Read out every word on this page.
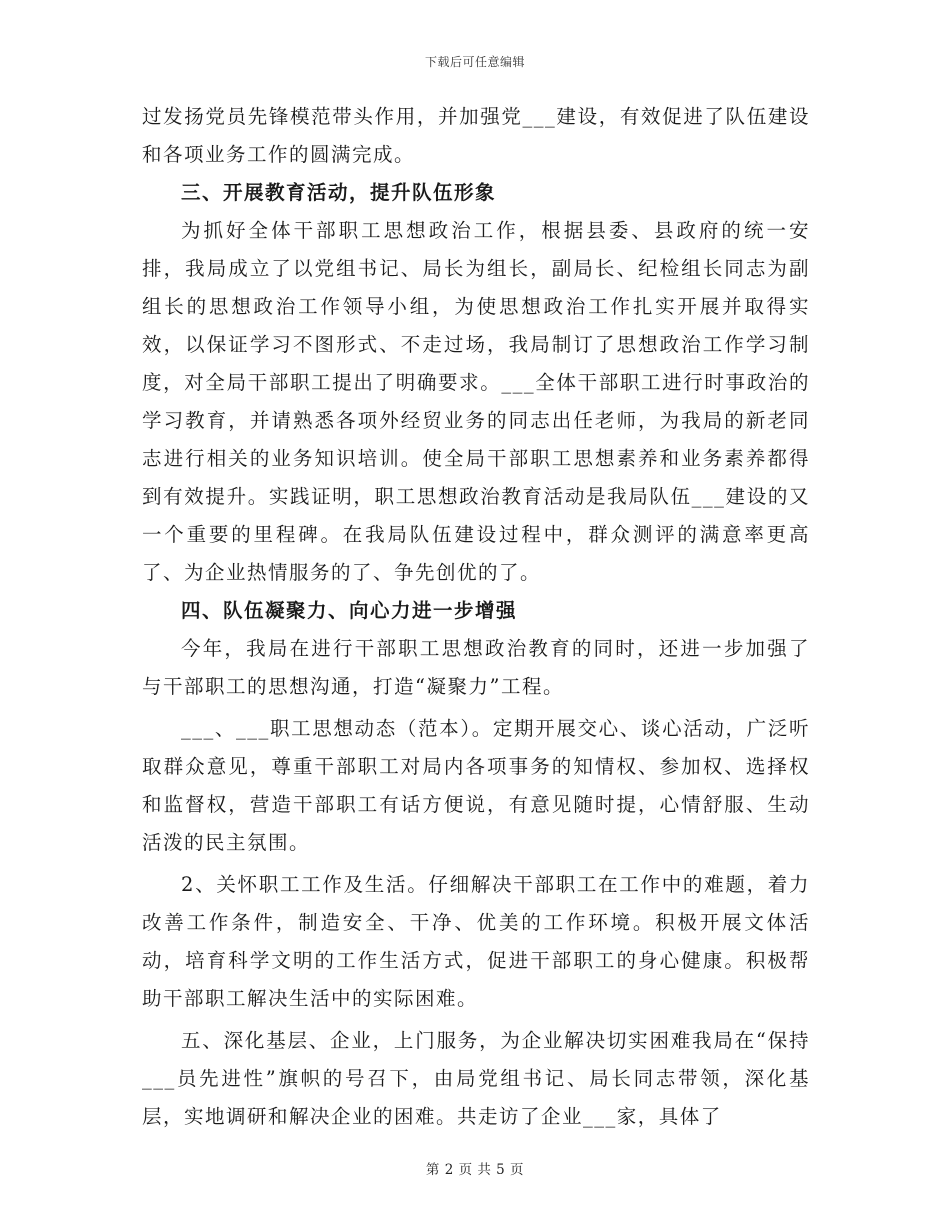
下载后可任意编辑

过发扬党员先锋模范带头作用，并加强党___建设，有效促进了队伍建设和各项业务工作的圆满完成。

三、开展教育活动，提升队伍形象

为抓好全体干部职工思想政治工作，根据县委、县政府的统一安排，我局成立了以党组书记、局长为组长，副局长、纪检组长同志为副组长的思想政治工作领导小组，为使思想政治工作扎实开展并取得实效，以保证学习不图形式、不走过场，我局制订了思想政治工作学习制度，对全局干部职工提出了明确要求。___全体干部职工进行时事政治的学习教育，并请熟悉各项外经贸业务的同志出任老师，为我局的新老同志进行相关的业务知识培训。使全局干部职工思想素养和业务素养都得到有效提升。实践证明，职工思想政治教育活动是我局队伍___建设的又一个重要的里程碑。在我局队伍建设过程中，群众测评的满意率更高了、为企业热情服务的了、争先创优的了。

四、队伍凝聚力、向心力进一步增强

今年，我局在进行干部职工思想政治教育的同时，还进一步加强了与干部职工的思想沟通，打造“凝聚力”工程。

___、___职工思想动态（范本）。定期开展交心、谈心活动，广泛听取群众意见，尊重干部职工对局内各项事务的知情权、参加权、选择权和监督权，营造干部职工有话方便说，有意见随时提，心情舒服、生动活泼的民主氛围。

2、关怀职工工作及生活。仔细解决干部职工在工作中的难题，着力改善工作条件，制造安全、干净、优美的工作环境。积极开展文体活动，培育科学文明的工作生活方式，促进干部职工的身心健康。积极帮助干部职工解决生活中的实际困难。

五、深化基层、企业，上门服务，为企业解决切实困难我局在“保持___员先进性”旗帜的号召下，由局党组书记、局长同志带领，深化基层，实地调研和解决企业的困难。共走访了企业___家，具体了

第 2 页 共 5 页
